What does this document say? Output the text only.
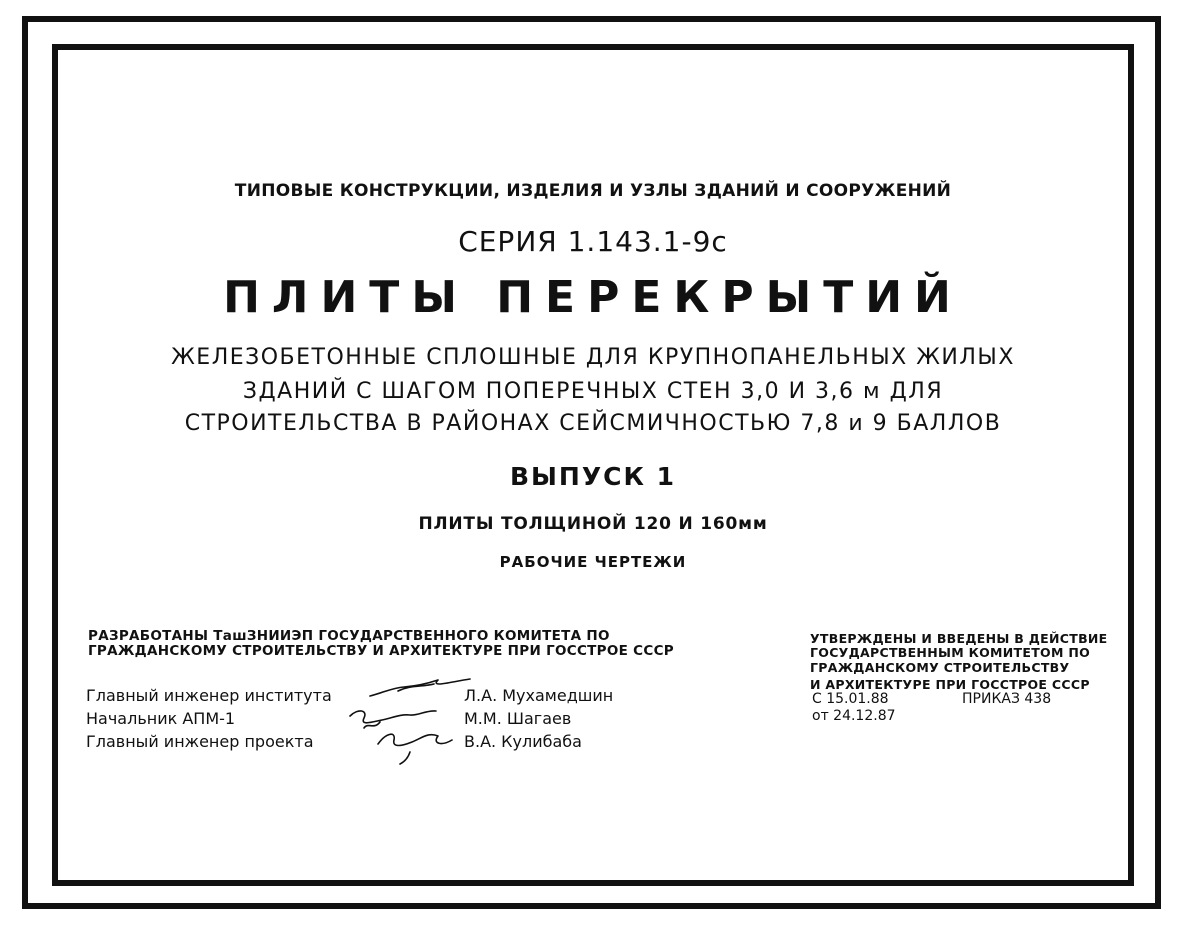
ТИПОВЫЕ КОНСТРУКЦИИ, ИЗДЕЛИЯ И УЗЛЫ ЗДАНИЙ И СООРУЖЕНИЙ
СЕРИЯ 1.143.1-9с
ПЛИТЫ ПЕРЕКРЫТИЙ
ЖЕЛЕЗОБЕТОННЫЕ СПЛОШНЫЕ ДЛЯ КРУПНОПАНЕЛЬНЫХ ЖИЛЫХ
ЗДАНИЙ С ШАГОМ ПОПЕРЕЧНЫХ СТЕН 3,0 И 3,6 м ДЛЯ
СТРОИТЕЛЬСТВА В РАЙОНАХ СЕЙСМИЧНОСТЬЮ 7,8 и 9 БАЛЛОВ
ВЫПУСК 1
ПЛИТЫ ТОЛЩИНОЙ 120 И 160мм
РАБОЧИЕ ЧЕРТЕЖИ
РАЗРАБОТАНЫ ТашЗНИИЭП ГОСУДАРСТВЕННОГО КОМИТЕТА ПО
ГРАЖДАНСКОМУ СТРОИТЕЛЬСТВУ И АРХИТЕКТУРЕ ПРИ ГОССТРОЕ СССР
Главный инженер института	Л.А. Мухамедшин
Начальник АПМ-1	М.М. Шагаев
Главный инженер проекта	В.А. Кулибаба
УТВЕРЖДЕНЫ И ВВЕДЕНЫ В ДЕЙСТВИЕ
ГОСУДАРСТВЕННЫМ КОМИТЕТОМ ПО
ГРАЖДАНСКОМУ СТРОИТЕЛЬСТВУ
И АРХИТЕКТУРЕ ПРИ ГОССТРОЕ СССР
С 15.01.88	ПРИКАЗ 438
от 24.12.87
